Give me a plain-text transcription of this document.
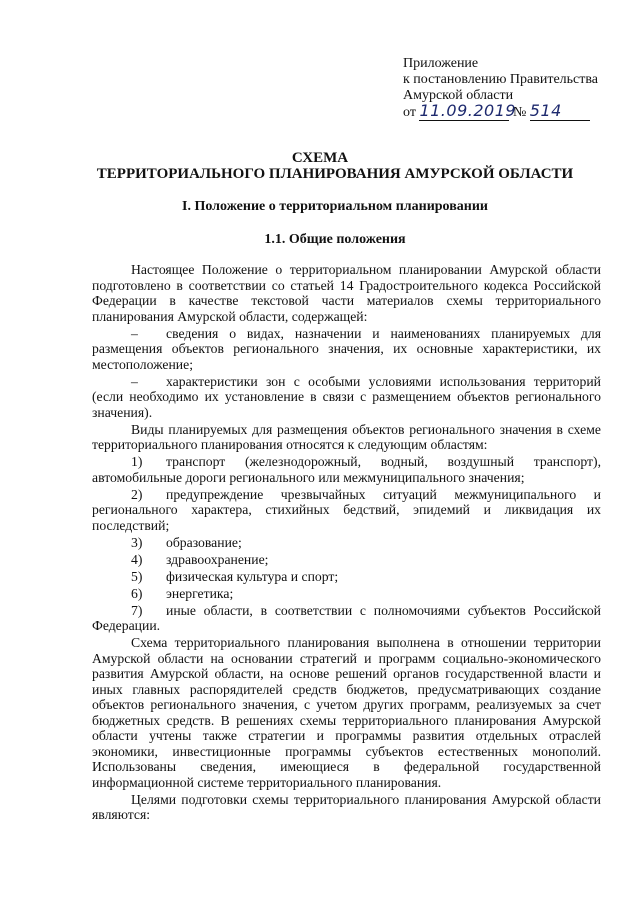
Приложение
к постановлению Правительства
Амурской области
от 11.09.2019 № 514
СХЕМА
ТЕРРИТОРИАЛЬНОГО ПЛАНИРОВАНИЯ АМУРСКОЙ ОБЛАСТИ
I. Положение о территориальном планировании
1.1. Общие положения

Настоящее Положение о территориальном планировании Амурской области подготовлено в соответствии со статьей 14 Градостроительного кодекса Российской Федерации в качестве текстовой части материалов схемы территориального планирования Амурской области, содержащей:

– сведения о видах, назначении и наименованиях планируемых для размещения объектов регионального значения, их основные характеристики, их местоположение;

– характеристики зон с особыми условиями использования территорий (если необходимо их установление в связи с размещением объектов регионального значения).

Виды планируемых для размещения объектов регионального значения в схеме территориального планирования относятся к следующим областям:

1) транспорт (железнодорожный, водный, воздушный транспорт), автомобильные дороги регионального или межмуниципального значения;

2) предупреждение чрезвычайных ситуаций межмуниципального и регионального характера, стихийных бедствий, эпидемий и ликвидация их последствий;

3) образование;

4) здравоохранение;

5) физическая культура и спорт;

6) энергетика;

7) иные области, в соответствии с полномочиями субъектов Российской Федерации.

Схема территориального планирования выполнена в отношении территории Амурской области на основании стратегий и программ социально-экономического развития Амурской области, на основе решений органов государственной власти и иных главных распорядителей средств бюджетов, предусматривающих создание объектов регионального значения, с учетом других программ, реализуемых за счет бюджетных средств. В решениях схемы территориального планирования Амурской области учтены также стратегии и программы развития отдельных отраслей экономики, инвестиционные программы субъектов естественных монополий. Использованы сведения, имеющиеся в федеральной государственной информационной системе территориального планирования.

Целями подготовки схемы территориального планирования Амурской области являются:
